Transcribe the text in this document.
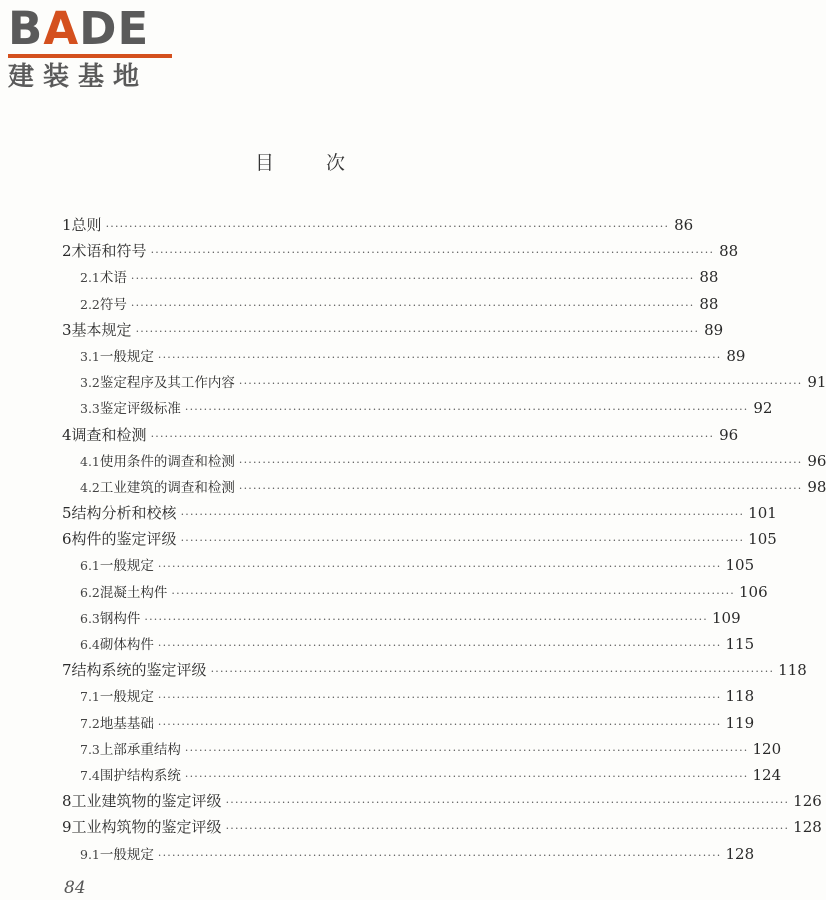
BADE
建装基地
目	次
1 总则 ························································································································ 86
2 术语和符号 ························································································································ 88
2.1 术语 ························································································································ 88
2.2 符号 ························································································································ 88
3 基本规定 ························································································································ 89
3.1 一般规定 ························································································································ 89
3.2 鉴定程序及其工作内容 ························································································································ 91
3.3 鉴定评级标准 ························································································································ 92
4 调查和检测 ························································································································ 96
4.1 使用条件的调查和检测 ························································································································ 96
4.2 工业建筑的调查和检测 ························································································································ 98
5 结构分析和校核 ························································································································ 101
6 构件的鉴定评级 ························································································································ 105
6.1 一般规定 ························································································································ 105
6.2 混凝土构件 ························································································································ 106
6.3 钢构件 ························································································································ 109
6.4 砌体构件 ························································································································ 115
7 结构系统的鉴定评级 ························································································································ 118
7.1 一般规定 ························································································································ 118
7.2 地基基础 ························································································································ 119
7.3 上部承重结构 ························································································································ 120
7.4 围护结构系统 ························································································································ 124
8 工业建筑物的鉴定评级 ························································································································ 126
9 工业构筑物的鉴定评级 ························································································································ 128
9.1 一般规定 ························································································································ 128
84
